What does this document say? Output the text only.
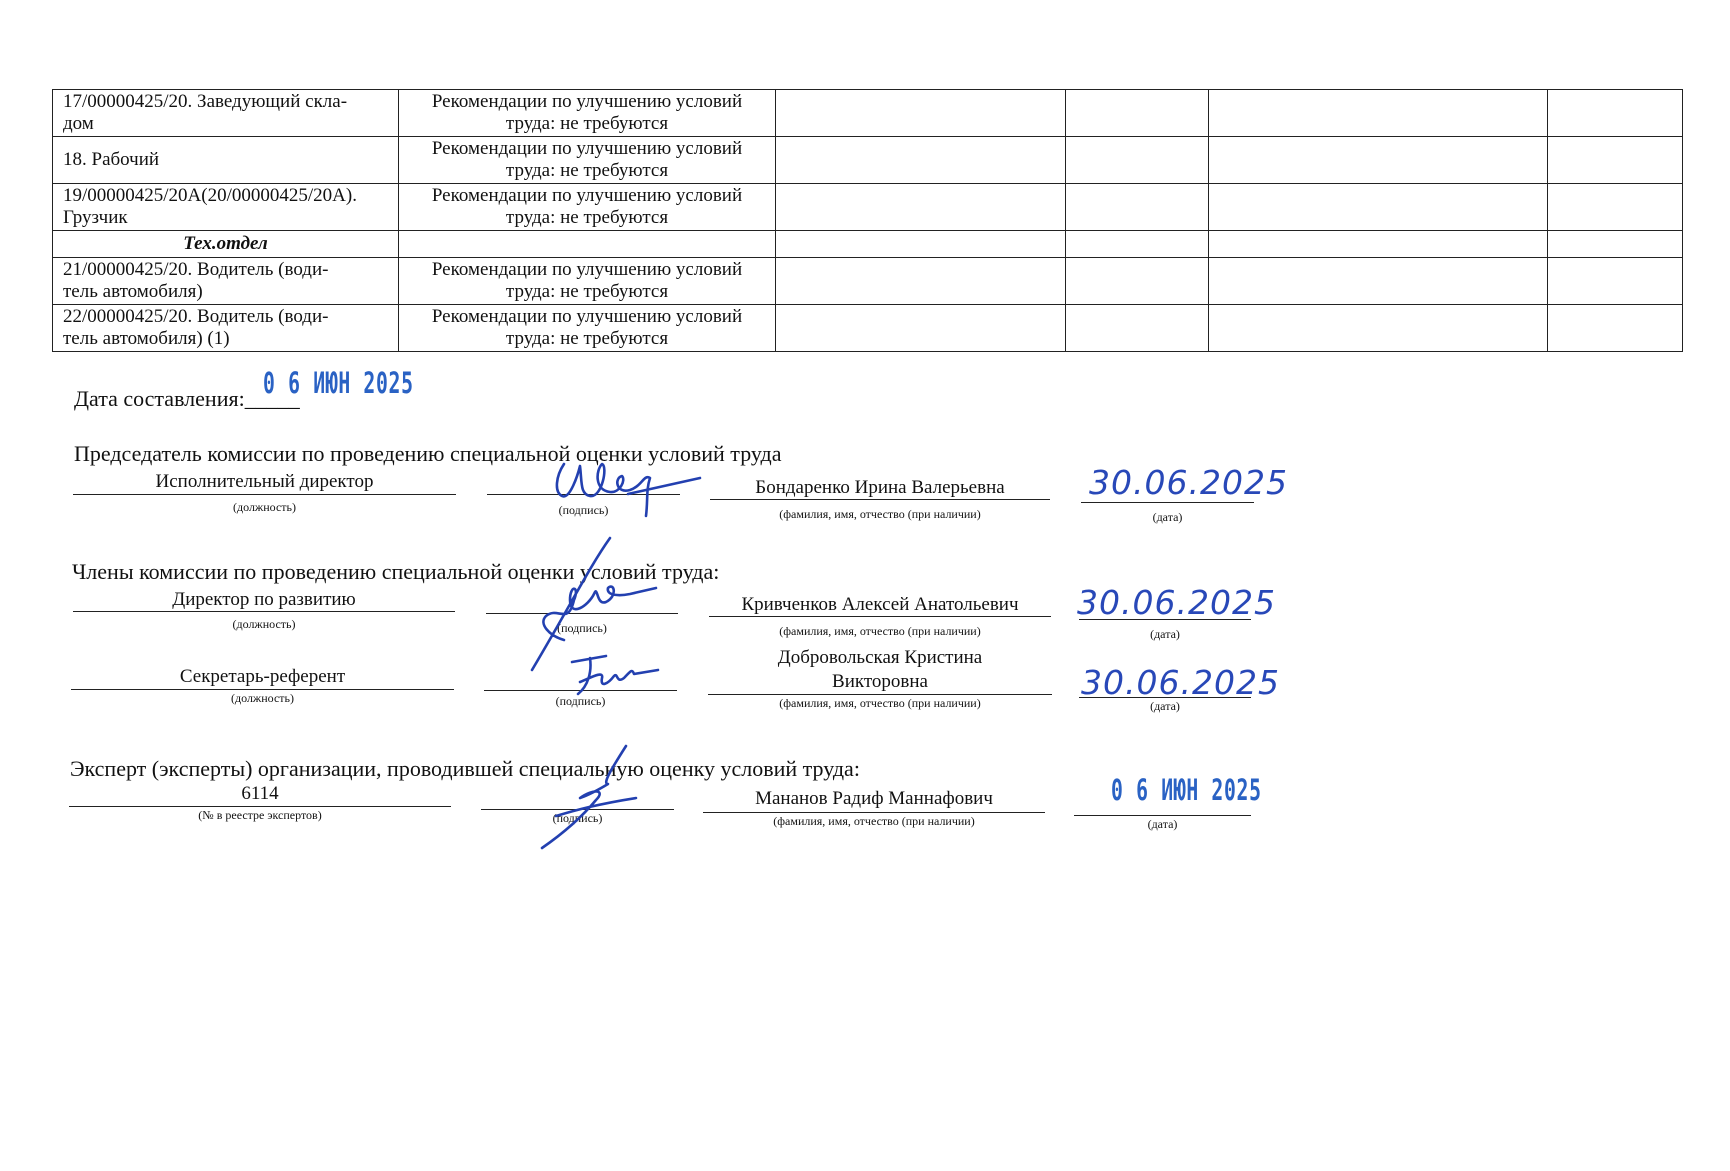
17/00000425/20. Заведующий скла-
дом	Рекомендации по улучшению условий
труда: не требуются				
18. Рабочий	Рекомендации по улучшению условий
труда: не требуются				
19/00000425/20А(20/00000425/20А).
Грузчик	Рекомендации по улучшению условий
труда: не требуются				
Тех.отдел					
21/00000425/20. Водитель (води-
тель автомобиля)	Рекомендации по улучшению условий
труда: не требуются				
22/00000425/20. Водитель (води-
тель автомобиля) (1)	Рекомендации по улучшению условий
труда: не требуются				
Дата составления:_____
0 6 ИЮН 2025
Председатель комиссии по проведению специальной оценки условий труда
Исполнительный директор
(должность)	(подпись)
Бондаренко Ирина Валерьевна
(фамилия, имя, отчество (при наличии)
30.06.2025
(дата)
Члены комиссии по проведению специальной оценки условий труда:
Директор по развитию
(должность)	(подпись)
Кривченков Алексей Анатольевич
(фамилия, имя, отчество (при наличии)
30.06.2025
(дата)
Секретарь-референт
(должность)	(подпись)
Добровольская Кристина
Викторовна
(фамилия, имя, отчество (при наличии)
30.06.2025
(дата)
Эксперт (эксперты) организации, проводившей специальную оценку условий труда:
6114
(№ в реестре экспертов)	(подпись)
Мананов Радиф Маннафович
(фамилия, имя, отчество (при наличии)
0 6 ИЮН 2025
(дата)
